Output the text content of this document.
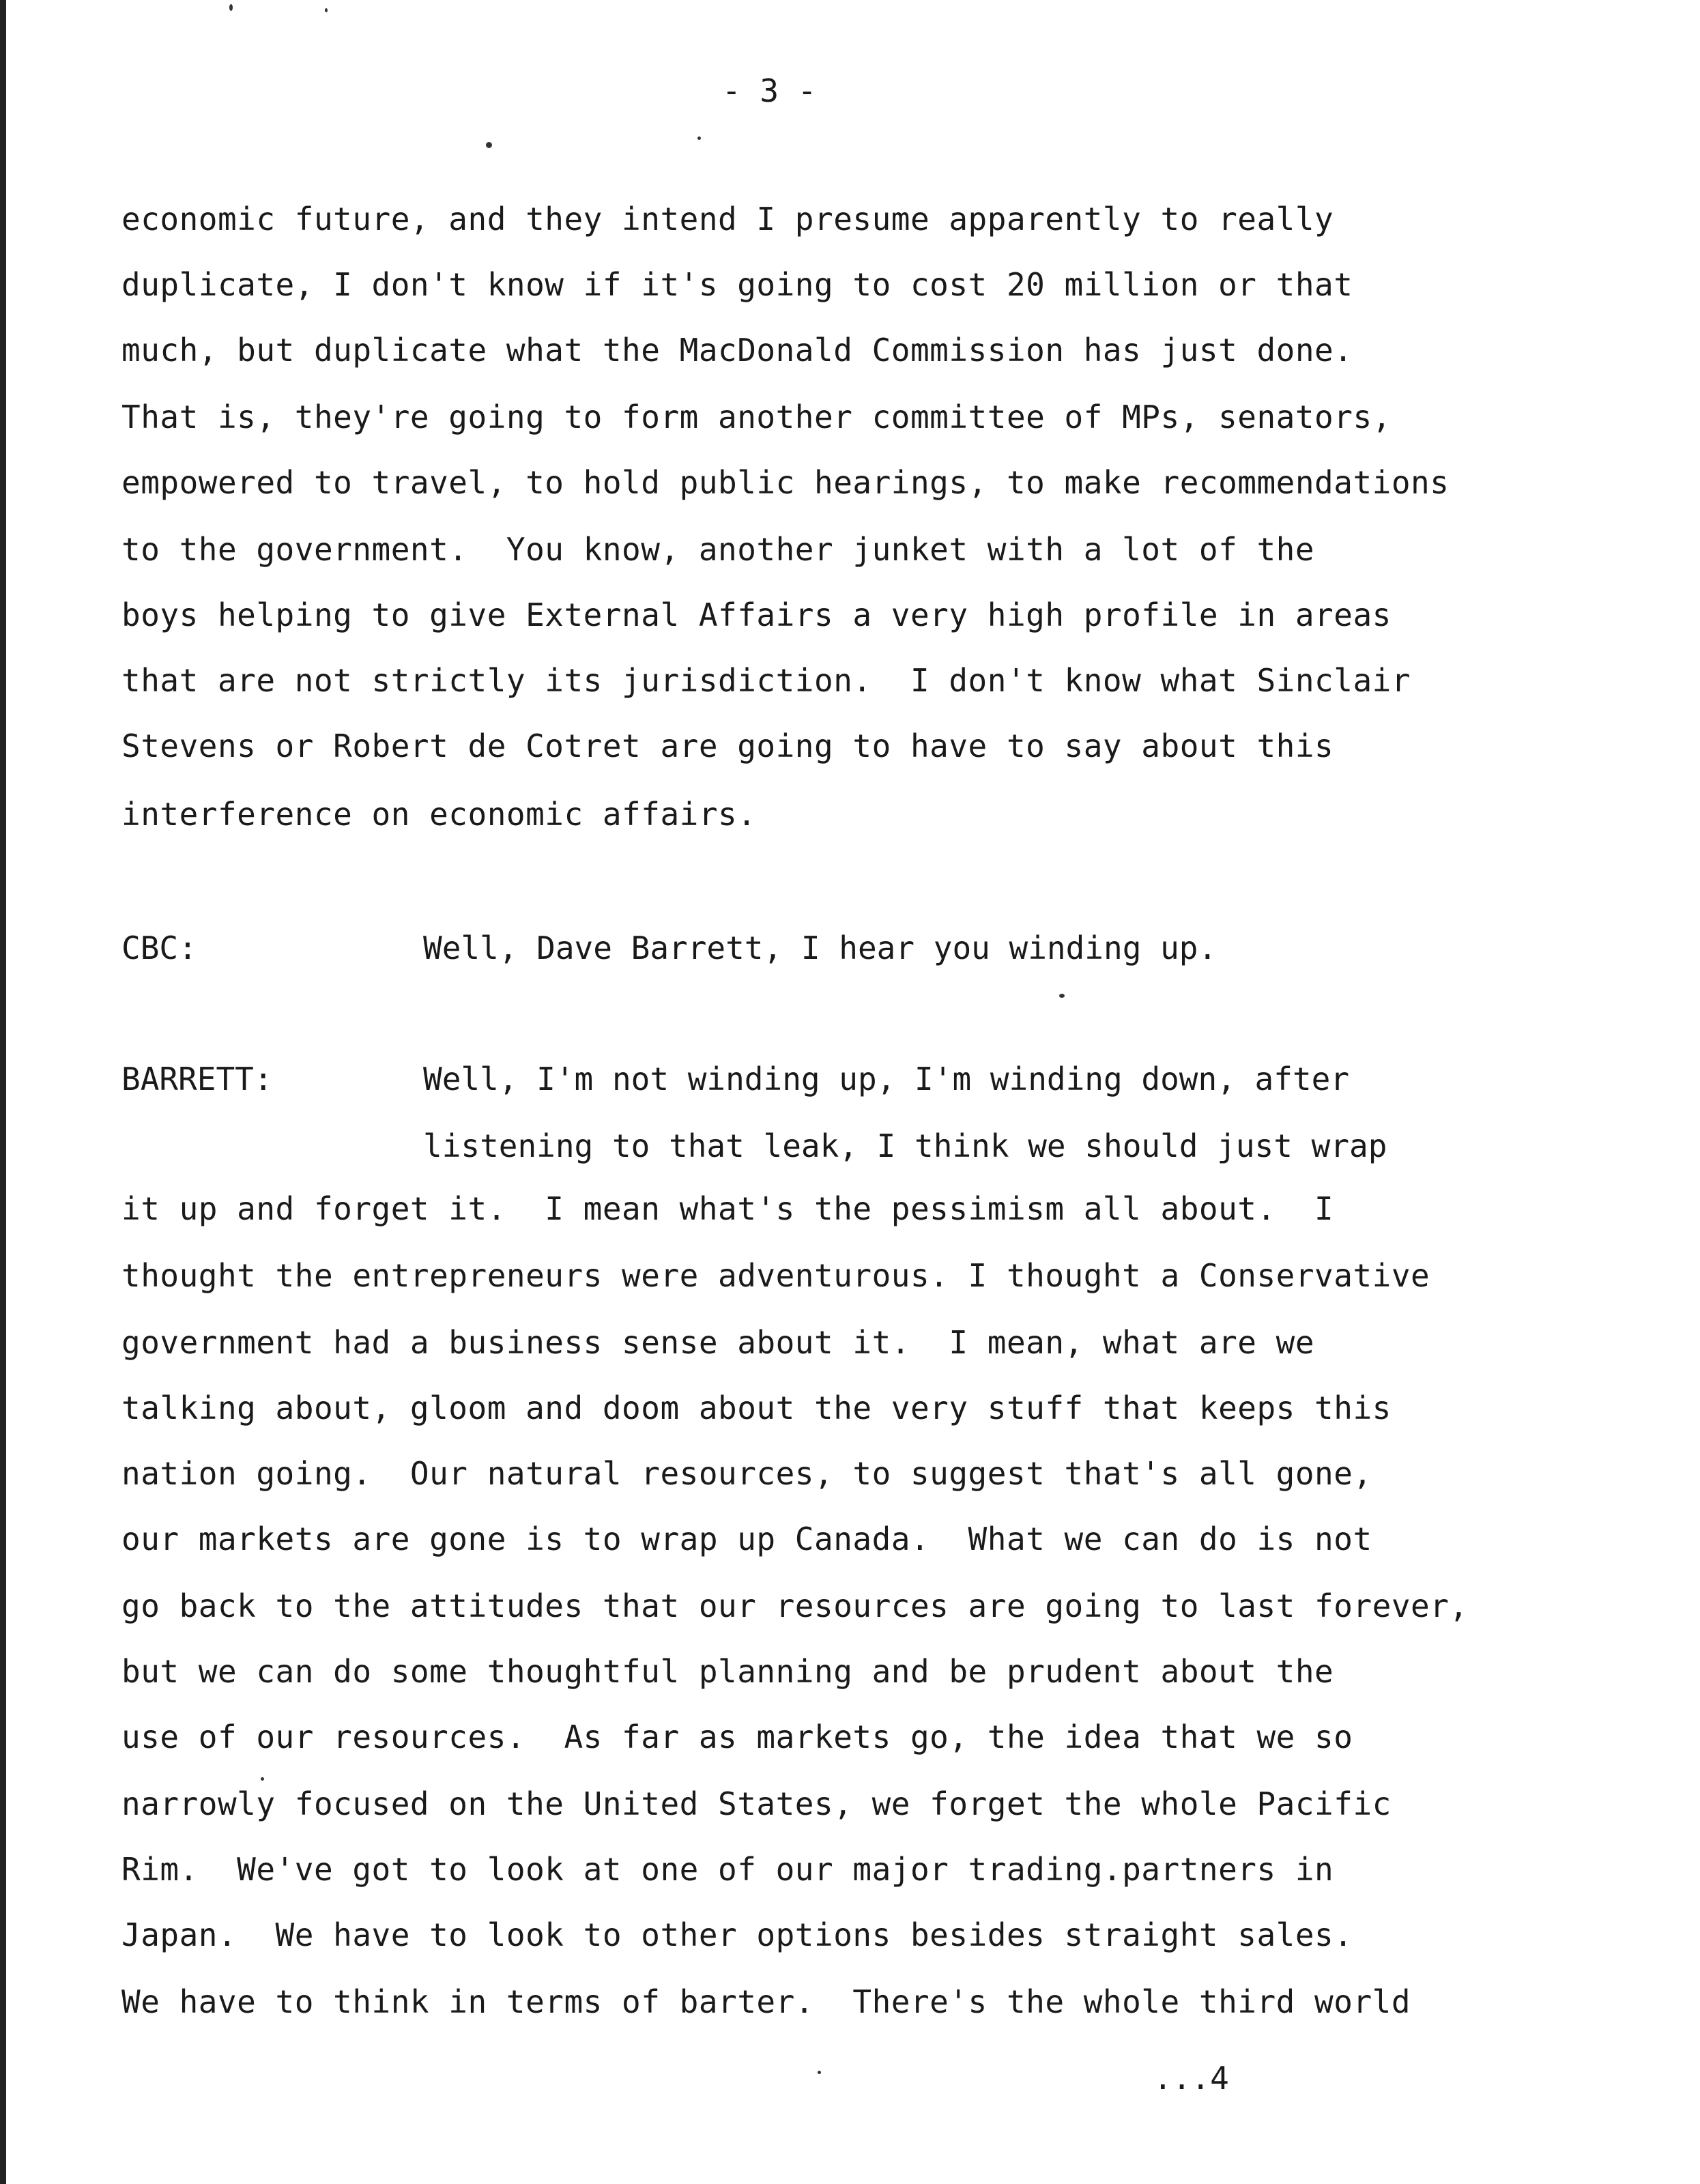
- 3 -
economic future, and they intend I presume apparently to really
duplicate, I don't know if it's going to cost 20 million or that
much, but duplicate what the MacDonald Commission has just done.
That is, they're going to form another committee of MPs, senators,
empowered to travel, to hold public hearings, to make recommendations
to the government.  You know, another junket with a lot of the
boys helping to give External Affairs a very high profile in areas
that are not strictly its jurisdiction.  I don't know what Sinclair
Stevens or Robert de Cotret are going to have to say about this
interference on economic affairs.
CBC:	Well, Dave Barrett, I hear you winding up.
BARRETT:	Well, I'm not winding up, I'm winding down, after
listening to that leak, I think we should just wrap
it up and forget it.  I mean what's the pessimism all about.  I
thought the entrepreneurs were adventurous. I thought a Conservative
government had a business sense about it.  I mean, what are we
talking about, gloom and doom about the very stuff that keeps this
nation going.  Our natural resources, to suggest that's all gone,
our markets are gone is to wrap up Canada.  What we can do is not
go back to the attitudes that our resources are going to last forever,
but we can do some thoughtful planning and be prudent about the
use of our resources.  As far as markets go, the idea that we so
narrowly focused on the United States, we forget the whole Pacific
Rim.  We've got to look at one of our major trading.partners in
Japan.  We have to look to other options besides straight sales.
We have to think in terms of barter.  There's the whole third world
...4
